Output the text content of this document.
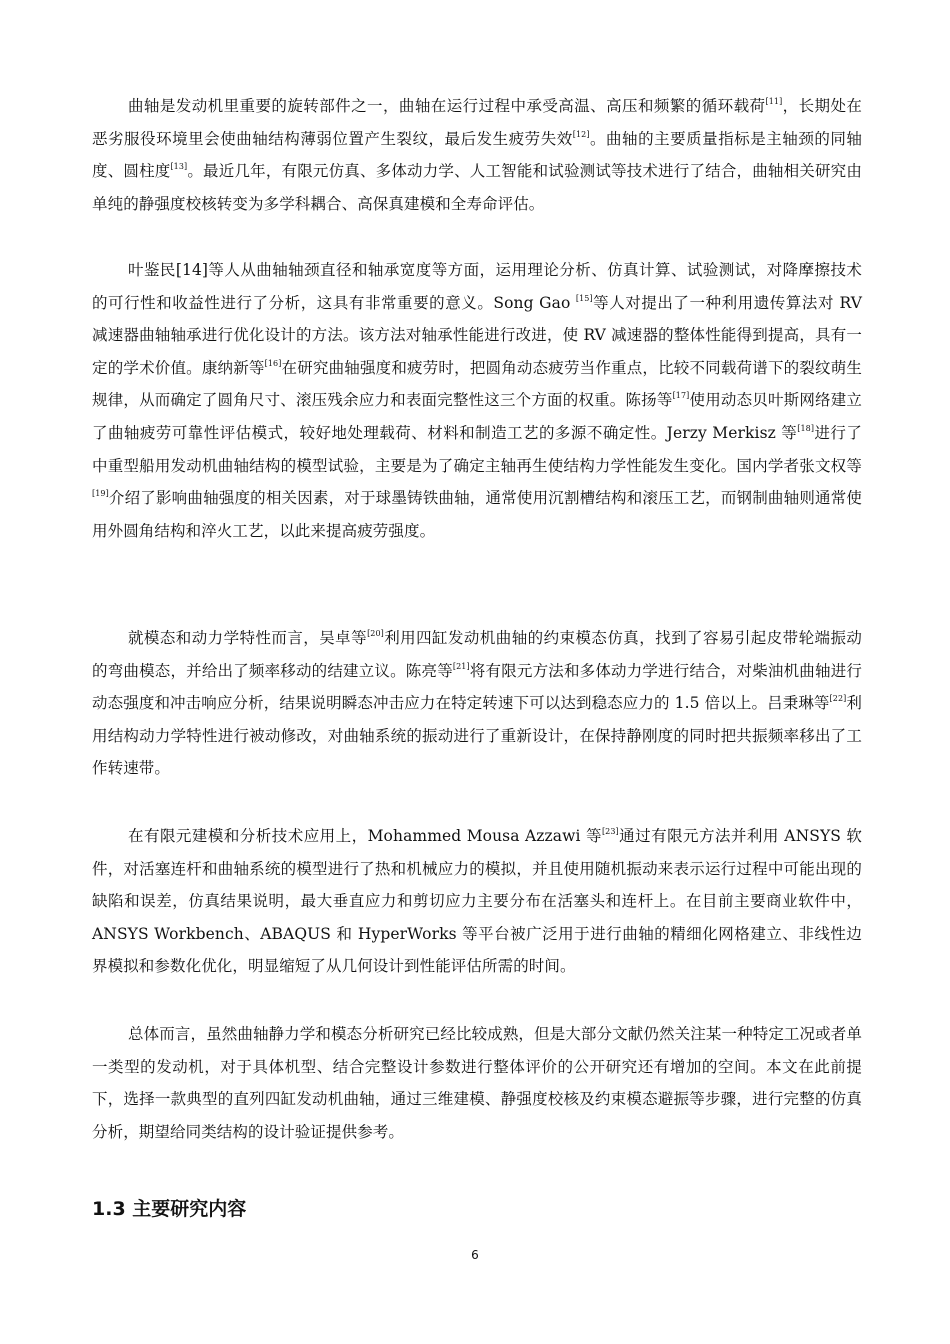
曲轴是发动机里重要的旋转部件之一，曲轴在运行过程中承受高温、高压和频繁的循环载荷[11]，长期处在恶劣服役环境里会使曲轴结构薄弱位置产生裂纹，最后发生疲劳失效[12]。曲轴的主要质量指标是主轴颈的同轴度、圆柱度[13]。最近几年，有限元仿真、多体动力学、人工智能和试验测试等技术进行了结合，曲轴相关研究由单纯的静强度校核转变为多学科耦合、高保真建模和全寿命评估。

叶鉴民[14]等人从曲轴轴颈直径和轴承宽度等方面，运用理论分析、仿真计算、试验测试，对降摩擦技术的可行性和收益性进行了分析，这具有非常重要的意义。Song Gao [15]等人对提出了一种利用遗传算法对 RV 减速器曲轴轴承进行优化设计的方法。该方法对轴承性能进行改进，使 RV 减速器的整体性能得到提高，具有一定的学术价值。康纳新等[16]在研究曲轴强度和疲劳时，把圆角动态疲劳当作重点，比较不同载荷谱下的裂纹萌生规律，从而确定了圆角尺寸、滚压残余应力和表面完整性这三个方面的权重。陈扬等[17]使用动态贝叶斯网络建立了曲轴疲劳可靠性评估模式，较好地处理载荷、材料和制造工艺的多源不确定性。Jerzy Merkisz 等[18]进行了中重型船用发动机曲轴结构的模型试验，主要是为了确定主轴再生使结构力学性能发生变化。国内学者张文权等[19]介绍了影响曲轴强度的相关因素，对于球墨铸铁曲轴，通常使用沉割槽结构和滚压工艺，而钢制曲轴则通常使用外圆角结构和淬火工艺，以此来提高疲劳强度。

就模态和动力学特性而言，吴卓等[20]利用四缸发动机曲轴的约束模态仿真，找到了容易引起皮带轮端振动的弯曲模态，并给出了频率移动的结建立议。陈亮等[21]将有限元方法和多体动力学进行结合，对柴油机曲轴进行动态强度和冲击响应分析，结果说明瞬态冲击应力在特定转速下可以达到稳态应力的 1.5 倍以上。吕秉琳等[22]利用结构动力学特性进行被动修改，对曲轴系统的振动进行了重新设计，在保持静刚度的同时把共振频率移出了工作转速带。

在有限元建模和分析技术应用上，Mohammed Mousa Azzawi 等[23]通过有限元方法并利用 ANSYS 软件，对活塞连杆和曲轴系统的模型进行了热和机械应力的模拟，并且使用随机振动来表示运行过程中可能出现的缺陷和误差，仿真结果说明，最大垂直应力和剪切应力主要分布在活塞头和连杆上。在目前主要商业软件中，ANSYS Workbench、ABAQUS 和 HyperWorks 等平台被广泛用于进行曲轴的精细化网格建立、非线性边界模拟和参数化优化，明显缩短了从几何设计到性能评估所需的时间。

总体而言，虽然曲轴静力学和模态分析研究已经比较成熟，但是大部分文献仍然关注某一种特定工况或者单一类型的发动机，对于具体机型、结合完整设计参数进行整体评价的公开研究还有增加的空间。本文在此前提下，选择一款典型的直列四缸发动机曲轴，通过三维建模、静强度校核及约束模态避振等步骤，进行完整的仿真分析，期望给同类结构的设计验证提供参考。

1.3 主要研究内容
6
